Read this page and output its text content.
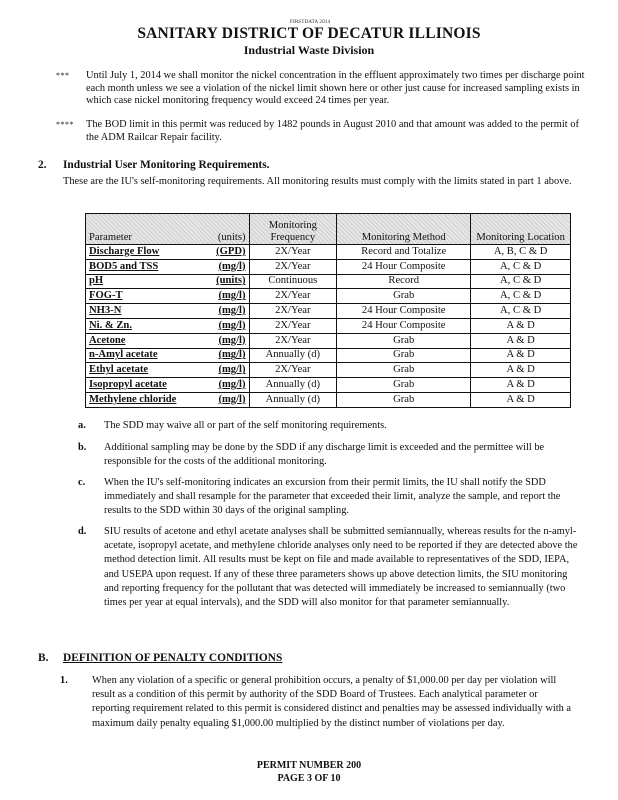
FIRSTDATA 2014
SANITARY DISTRICT OF DECATUR ILLINOIS
Industrial Waste Division
*** Until July 1, 2014 we shall monitor the nickel concentration in the effluent approximately two times per discharge point each month unless we see a violation of the nickel limit shown here or other just cause for increased sampling exists in which case nickel monitoring frequency would exceed 24 times per year.
**** The BOD limit in this permit was reduced by 1482 pounds in August 2010 and that amount was added to the permit of the ADM Railcar Repair facility.
2. Industrial User Monitoring Requirements.
These are the IU's self-monitoring requirements. All monitoring results must comply with the limits stated in part 1 above.
Parameter	(units)	Monitoring Frequency	Monitoring Method	Monitoring Location
Discharge Flow	(GPD)	2X/Year	Record and Totalize	A, B, C & D
BOD5 and TSS	(mg/l)	2X/Year	24 Hour Composite	A, C & D
pH	(units)	Continuous	Record	A, C & D
FOG-T	(mg/l)	2X/Year	Grab	A, C & D
NH3-N	(mg/l)	2X/Year	24 Hour Composite	A, C & D
Ni. & Zn.	(mg/l)	2X/Year	24 Hour Composite	A & D
Acetone	(mg/l)	2X/Year	Grab	A & D
n-Amyl acetate	(mg/l)	Annually (d)	Grab	A & D
Ethyl acetate	(mg/l)	2X/Year	Grab	A & D
Isopropyl acetate	(mg/l)	Annually (d)	Grab	A & D
Methylene chloride	(mg/l)	Annually (d)	Grab	A & D
a. The SDD may waive all or part of the self monitoring requirements.
b. Additional sampling may be done by the SDD if any discharge limit is exceeded and the permittee will be responsible for the costs of the additional monitoring.
c. When the IU's self-monitoring indicates an excursion from their permit limits, the IU shall notify the SDD immediately and shall resample for the parameter that exceeded their limit, analyze the sample, and report the results to the SDD within 30 days of the original sampling.
d. SIU results of acetone and ethyl acetate analyses shall be submitted semiannually, whereas results for the n-amyl-acetate, isopropyl acetate, and methylene chloride analyses only need to be reported if they are detected above the method detection limit. All results must be kept on file and made available to representatives of the SDD, IEPA, and USEPA upon request. If any of these three parameters shows up above detection limits, the SIU monitoring and reporting frequency for the pollutant that was detected will immediately be increased to semiannually (two times per year at equal intervals), and the SDD will also monitor for that parameter semiannually.
B. DEFINITION OF PENALTY CONDITIONS
1. When any violation of a specific or general prohibition occurs, a penalty of $1,000.00 per day per violation will result as a condition of this permit by authority of the SDD Board of Trustees. Each analytical parameter or reporting requirement related to this permit is considered distinct and penalties may be assessed individually with a maximum daily penalty equaling $1,000.00 multiplied by the distinct number of violations per day.
PERMIT NUMBER 200
PAGE 3 OF 10
